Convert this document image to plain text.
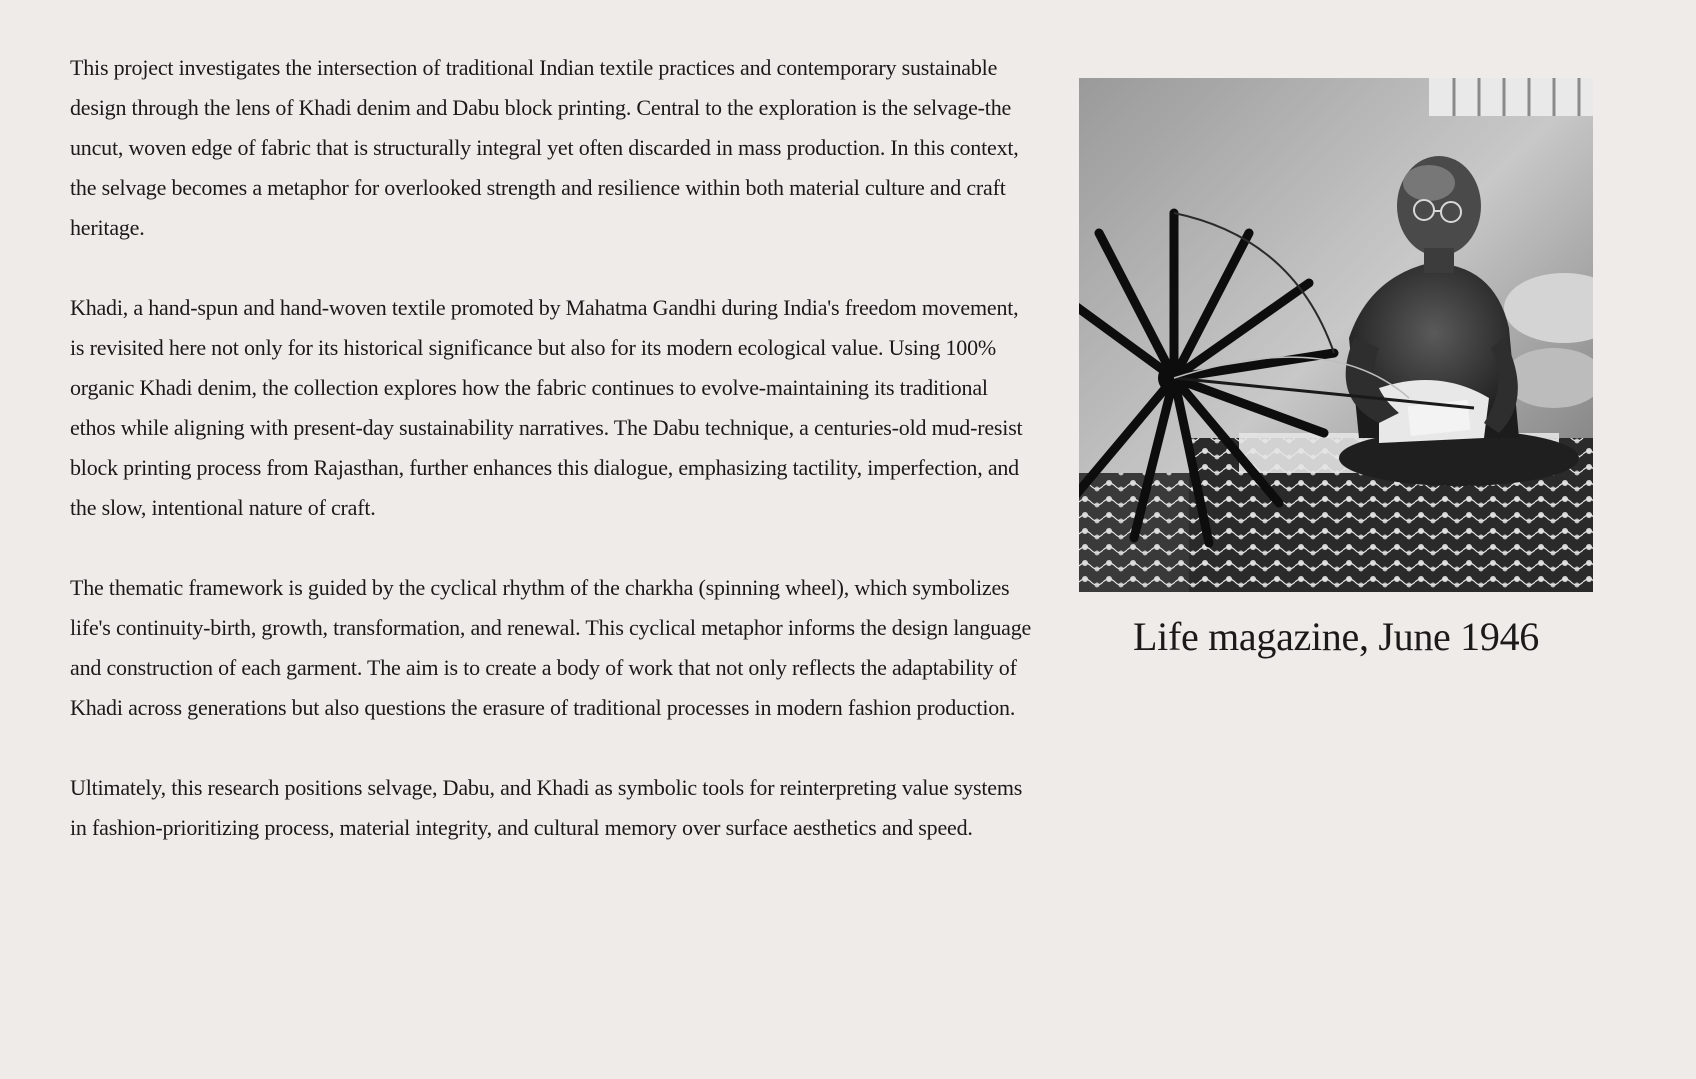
This project investigates the intersection of traditional Indian textile practices and contemporary sustainable design through the lens of Khadi denim and Dabu block printing. Central to the exploration is the selvage-the uncut, woven edge of fabric that is structurally integral yet often discarded in mass production. In this context, the selvage becomes a metaphor for overlooked strength and resilience within both material culture and craft heritage.

Khadi, a hand-spun and hand-woven textile promoted by Mahatma Gandhi during India's freedom movement, is revisited here not only for its historical significance but also for its modern ecological value. Using 100% organic Khadi denim, the collection explores how the fabric continues to evolve-maintaining its traditional ethos while aligning with present-day sustainability narratives. The Dabu technique, a centuries-old mud-resist block printing process from Rajasthan, further enhances this dialogue, emphasizing tactility, imperfection, and the slow, intentional nature of craft.

The thematic framework is guided by the cyclical rhythm of the charkha (spinning wheel), which symbolizes life's continuity-birth, growth, transformation, and renewal. This cyclical metaphor informs the design language and construction of each garment. The aim is to create a body of work that not only reflects the adaptability of Khadi across generations but also questions the erasure of traditional processes in modern fashion production.

Ultimately, this research positions selvage, Dabu, and Khadi as symbolic tools for reinterpreting value systems in fashion-prioritizing process, material integrity, and cultural memory over surface aesthetics and speed.

Life magazine, June 1946
